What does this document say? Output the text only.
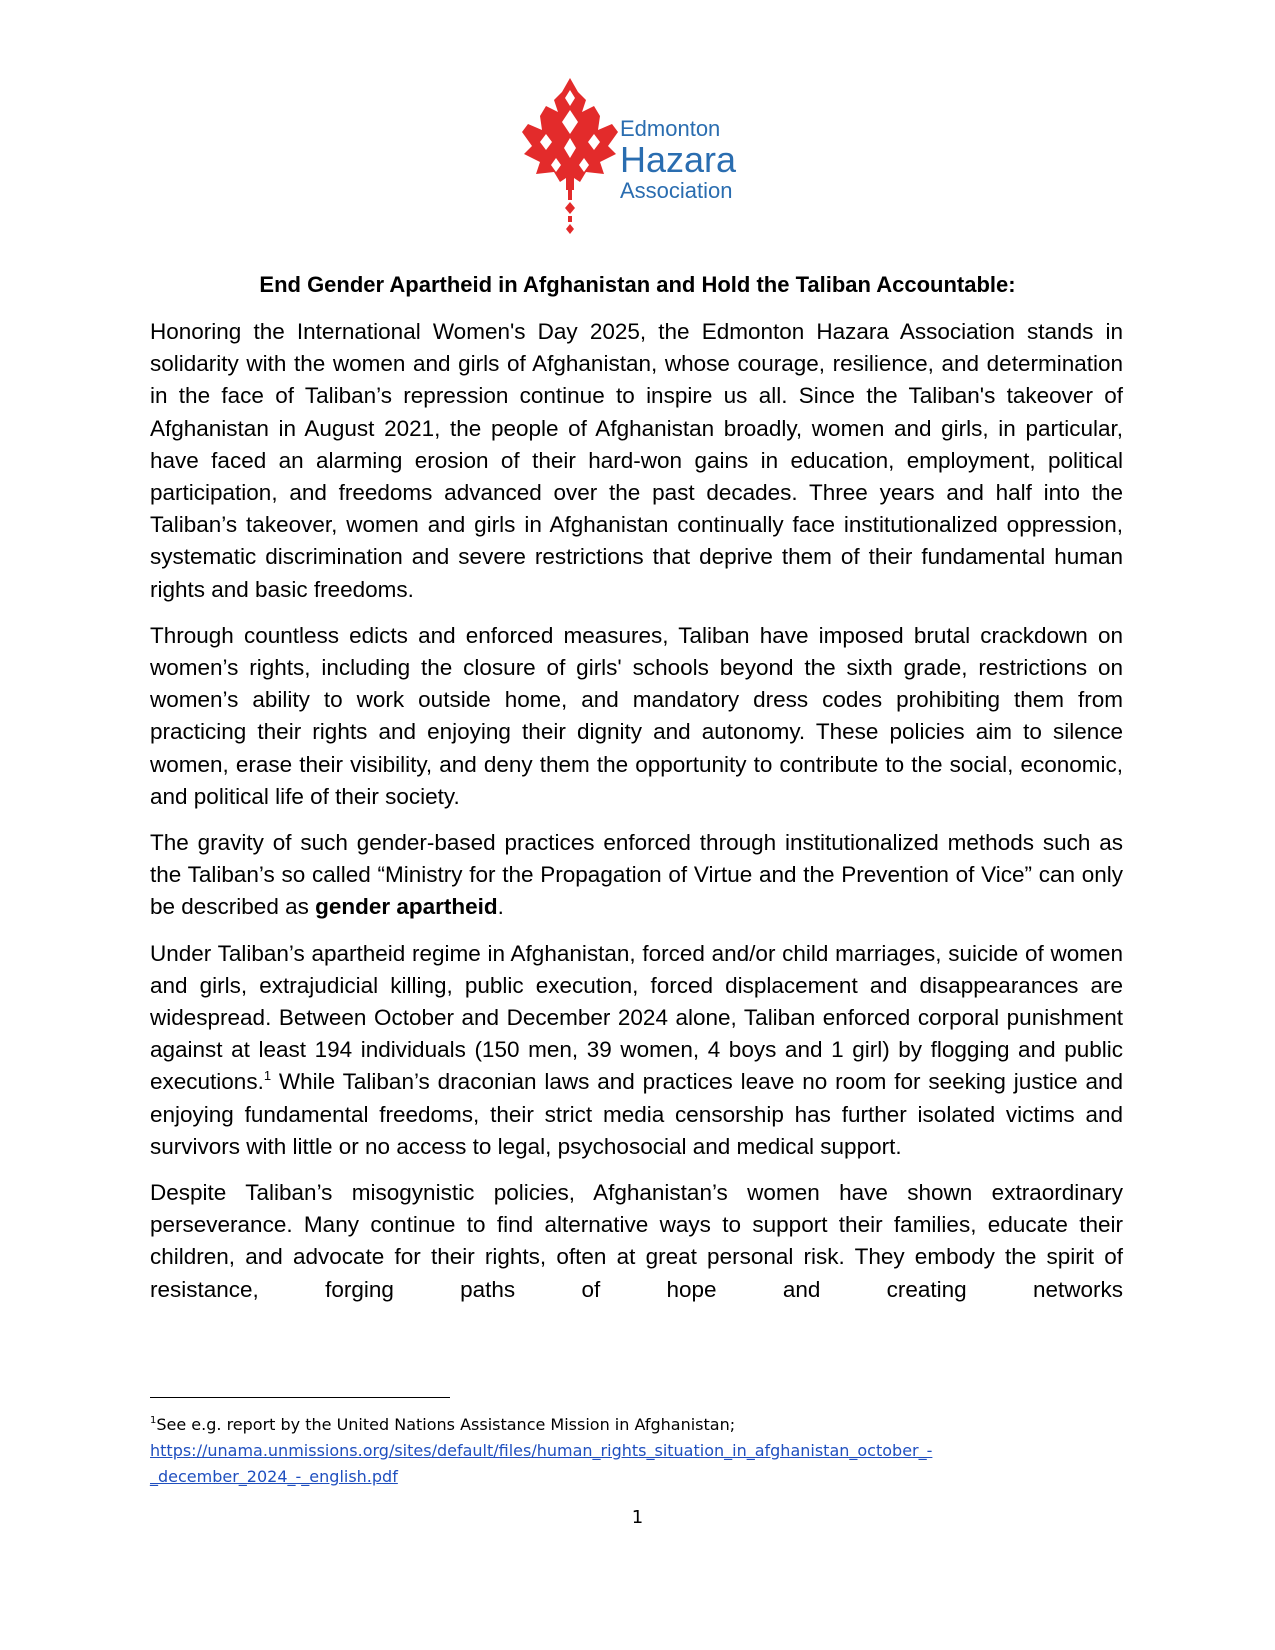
Edmonton
Hazara
Association
End Gender Apartheid in Afghanistan and Hold the Taliban Accountable:

Honoring the International Women's Day 2025, the Edmonton Hazara Association stands in solidarity with the women and girls of Afghanistan, whose courage, resilience, and determination in the face of Taliban’s repression continue to inspire us all. Since the Taliban's takeover of Afghanistan in August 2021, the people of Afghanistan broadly, women and girls, in particular, have faced an alarming erosion of their hard-won gains in education, employment, political participation, and freedoms advanced over the past decades. Three years and half into the Taliban’s takeover, women and girls in Afghanistan continually face institutionalized oppression, systematic discrimination and severe restrictions that deprive them of their fundamental human rights and basic freedoms.

Through countless edicts and enforced measures, Taliban have imposed brutal crackdown on women’s rights, including the closure of girls' schools beyond the sixth grade, restrictions on women’s ability to work outside home, and mandatory dress codes prohibiting them from practicing their rights and enjoying their dignity and autonomy. These policies aim to silence women, erase their visibility, and deny them the opportunity to contribute to the social, economic, and political life of their society.

The gravity of such gender-based practices enforced through institutionalized methods such as the Taliban’s so called “Ministry for the Propagation of Virtue and the Prevention of Vice” can only be described as gender apartheid.

Under Taliban’s apartheid regime in Afghanistan, forced and/or child marriages, suicide of women and girls, extrajudicial killing, public execution, forced displacement and disappearances are widespread. Between October and December 2024 alone, Taliban enforced corporal punishment against at least 194 individuals (150 men, 39 women, 4 boys and 1 girl) by flogging and public executions.$^1$ While Taliban’s draconian laws and practices leave no room for seeking justice and enjoying fundamental freedoms, their strict media censorship has further isolated victims and survivors with little or no access to legal, psychosocial and medical support.

Despite Taliban’s misogynistic policies, Afghanistan’s women have shown extraordinary perseverance. Many continue to find alternative ways to support their families, educate their children, and advocate for their rights, often at great personal risk. They embody the spirit of resistance, forging paths of hope and creating networks

$^1$See e.g. report by the United Nations Assistance Mission in Afghanistan;
https://unama.unmissions.org/sites/default/files/human_rights_situation_in_afghanistan_october_-
_december_2024_-_english.pdf
1
